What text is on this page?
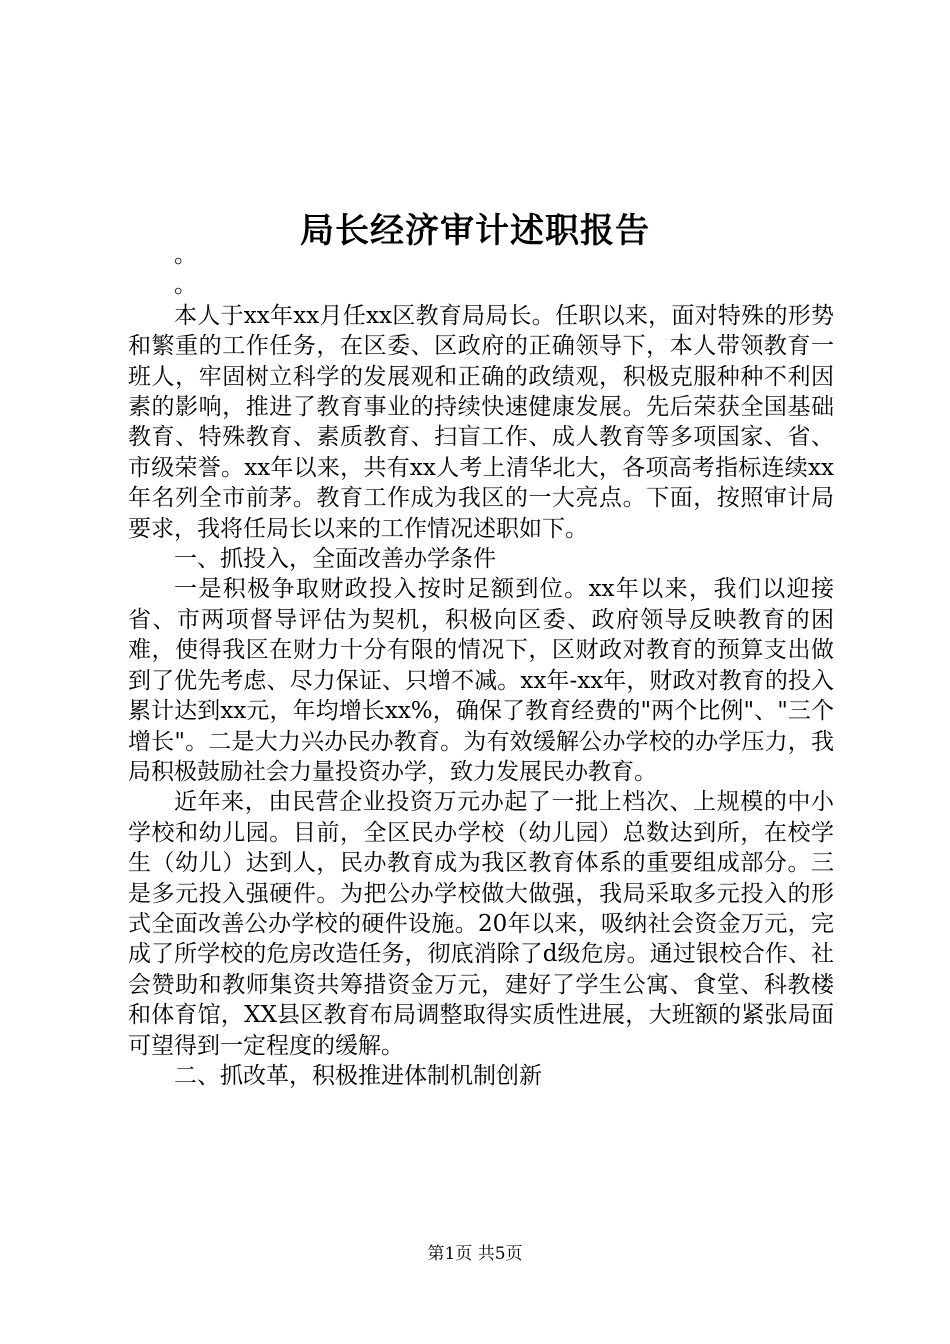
局长经济审计述职报告

。

。

本人于xx年xx月任xx区教育局局长。任职以来，面对特殊的形势和繁重的工作任务，在区委、区政府的正确领导下，本人带领教育一班人，牢固树立科学的发展观和正确的政绩观，积极克服种种不利因素的影响，推进了教育事业的持续快速健康发展。先后荣获全国基础教育、特殊教育、素质教育、扫盲工作、成人教育等多项国家、省、市级荣誉。xx年以来，共有xx人考上清华北大，各项高考指标连续xx年名列全市前茅。教育工作成为我区的一大亮点。下面，按照审计局要求，我将任局长以来的工作情况述职如下。

一、抓投入，全面改善办学条件

一是积极争取财政投入按时足额到位。xx年以来，我们以迎接省、市两项督导评估为契机，积极向区委、政府领导反映教育的困难，使得我区在财力十分有限的情况下，区财政对教育的预算支出做到了优先考虑、尽力保证、只增不减。xx年-xx年，财政对教育的投入累计达到xx元，年均增长xx%，确保了教育经费的"两个比例"、"三个增长"。二是大力兴办民办教育。为有效缓解公办学校的办学压力，我局积极鼓励社会力量投资办学，致力发展民办教育。

近年来，由民营企业投资万元办起了一批上档次、上规模的中小学校和幼儿园。目前，全区民办学校（幼儿园）总数达到所，在校学生（幼儿）达到人，民办教育成为我区教育体系的重要组成部分。三是多元投入强硬件。为把公办学校做大做强，我局采取多元投入的形式全面改善公办学校的硬件设施。20年以来，吸纳社会资金万元，完成了所学校的危房改造任务，彻底消除了d级危房。通过银校合作、社会赞助和教师集资共筹措资金万元，建好了学生公寓、食堂、科教楼和体育馆，XX县区教育布局调整取得实质性进展，大班额的紧张局面可望得到一定程度的缓解。

二、抓改革，积极推进体制机制创新

第1页 共5页
